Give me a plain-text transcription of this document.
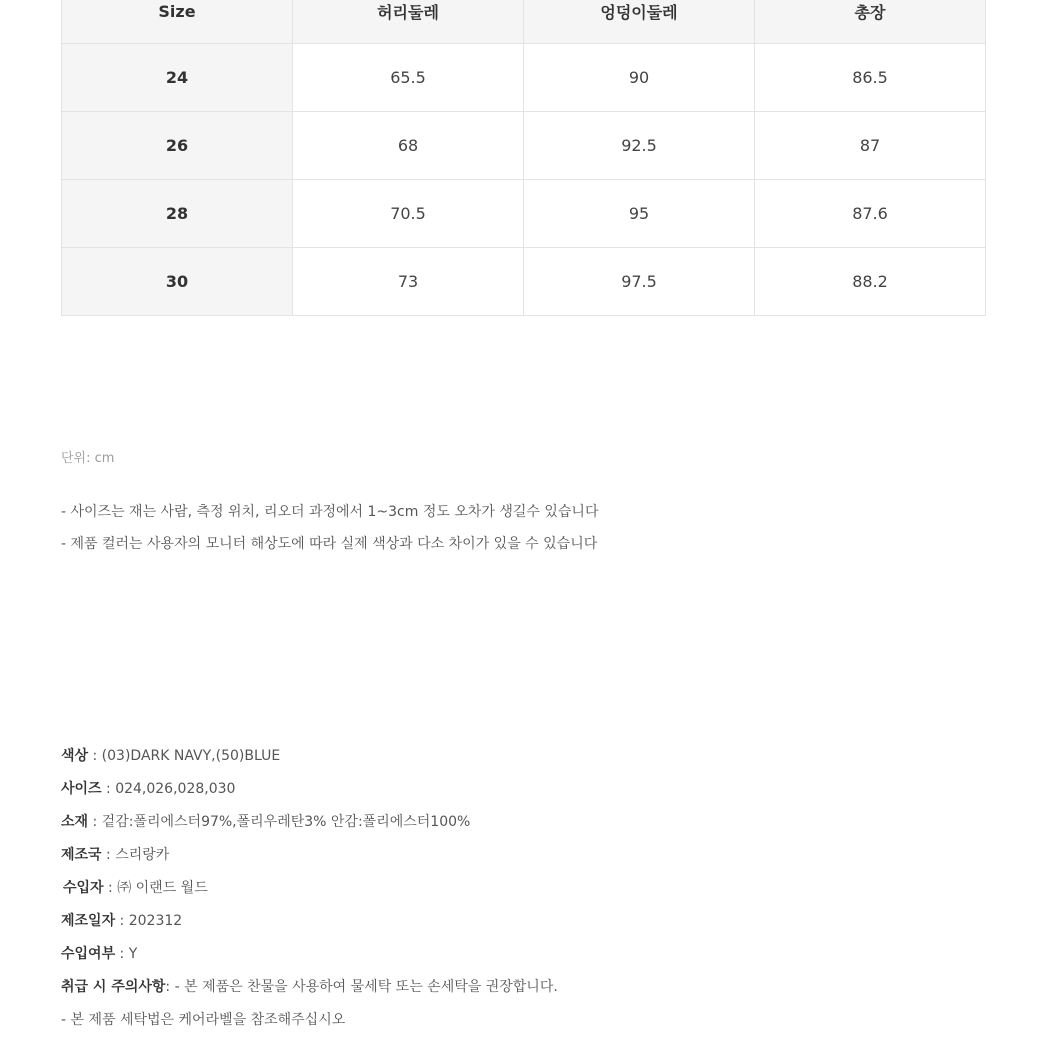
Size	허리둘레	엉덩이둘레	총장
24	65.5	90	86.5
26	68	92.5	87
28	70.5	95	87.6
30	73	97.5	88.2
단위: cm
- 사이즈는 재는 사람, 측정 위치, 리오더 과정에서 1~3cm 정도 오차가 생길수 있습니다
- 제품 컬러는 사용자의 모니터 해상도에 따라 실제 색상과 다소 차이가 있을 수 있습니다
색상 : (03)DARK NAVY,(50)BLUE
사이즈 : 024,026,028,030
소재 : 겉감:폴리에스터97%,폴리우레탄3% 안감:폴리에스터100%
제조국 : 스리랑카
수입자 : ㈜ 이랜드 월드
제조일자 : 202312
수입여부 : Y
취급 시 주의사항: - 본 제품은 찬물을 사용하여 물세탁 또는 손세탁을 권장합니다.
- 본 제품 세탁법은 케어라벨을 참조해주십시오
